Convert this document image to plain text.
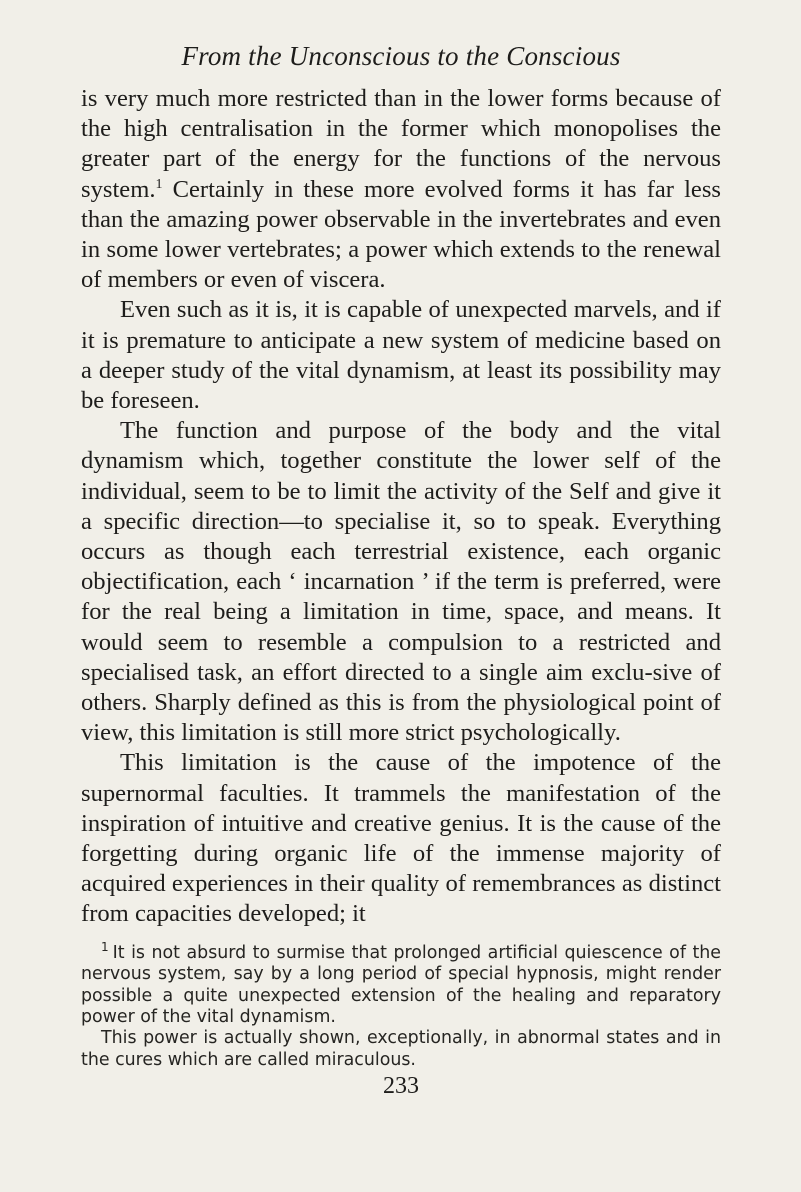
From the Unconscious to the Conscious

is very much more restricted than in the lower forms because of the high centralisation in the former which monopolises the greater part of the energy for the functions of the nervous system.$^1$ Certainly in these more evolved forms it has far less than the amazing power observable in the invertebrates and even in some lower vertebrates; a power which extends to the renewal of members or even of viscera.

Even such as it is, it is capable of unexpected marvels, and if it is premature to anticipate a new system of medicine based on a deeper study of the vital dynamism, at least its possibility may be foreseen.

The function and purpose of the body and the vital dynamism which, together constitute the lower self of the individual, seem to be to limit the activity of the Self and give it a specific direction—to specialise it, so to speak. Everything occurs as though each terrestrial existence, each organic objectification, each ‘ incarnation ’ if the term is preferred, were for the real being a limitation in time, space, and means. It would seem to resemble a compulsion to a restricted and specialised task, an effort directed to a single aim exclu-sive of others. Sharply defined as this is from the physiological point of view, this limitation is still more strict psychologically.

This limitation is the cause of the impotence of the supernormal faculties. It trammels the manifestation of the inspiration of intuitive and creative genius. It is the cause of the forgetting during organic life of the immense majority of acquired experiences in their quality of remembrances as distinct from capacities developed; it

$^1$ It is not absurd to surmise that prolonged artificial quiescence of the nervous system, say by a long period of special hypnosis, might render possible a quite unexpected extension of the healing and reparatory power of the vital dynamism.

This power is actually shown, exceptionally, in abnormal states and in the cures which are called miraculous.

233
